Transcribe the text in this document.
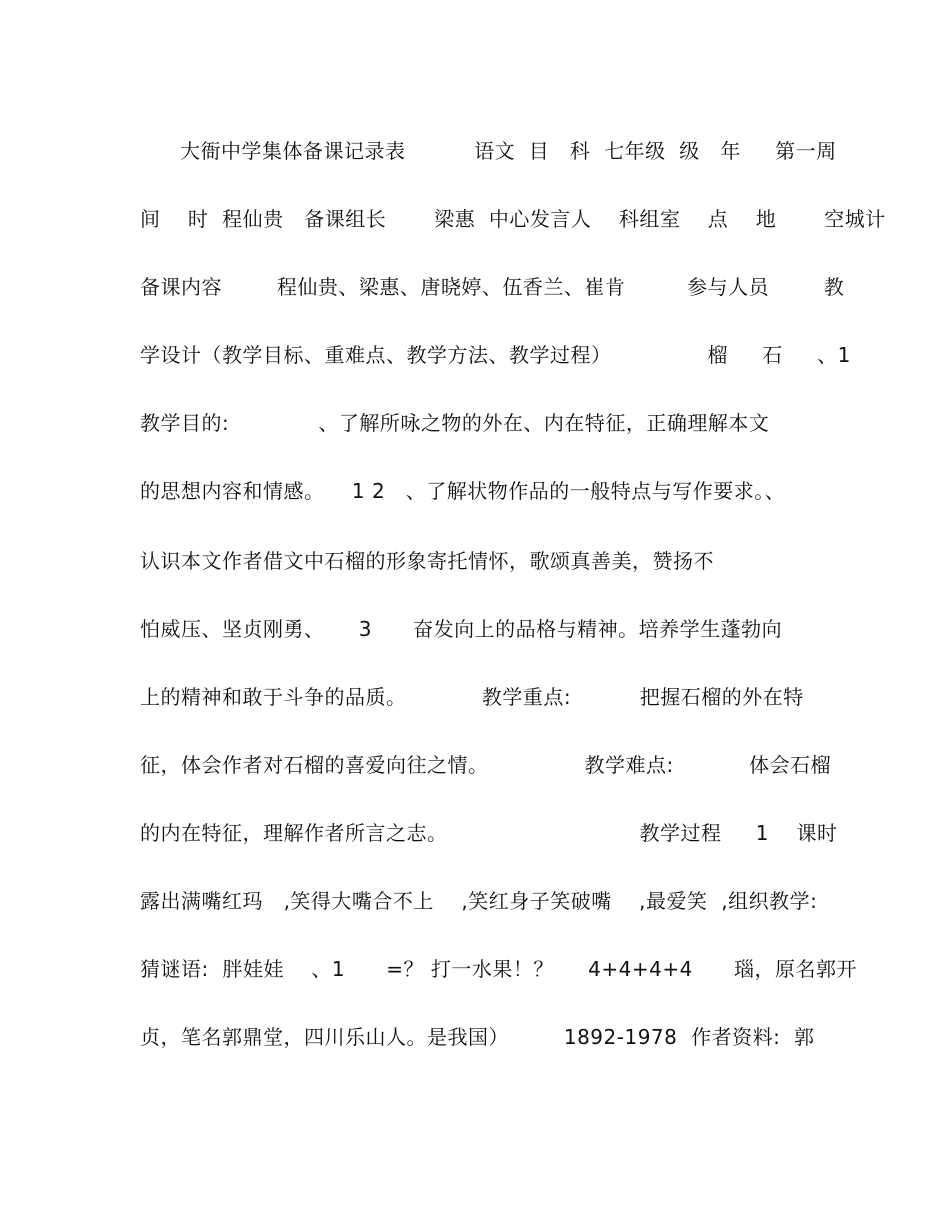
大衙中学集体备课记录表          语文  目   科  七年级  级   年     第一周
间    时  程仙贵   备课组长       梁惠  中心发言人    科组室    点    地       空城计
备课内容        程仙贵、梁惠、唐晓婷、伍香兰、崔肯         参与人员        教
学设计（教学目标、重难点、教学方法、教学过程）              榴     石     、1
教学目的:             、了解所咏之物的外在、内在特征，正确理解本文
的思想内容和情感。    1 2   、了解状物作品的一般特点与写作要求。、
认识本文作者借文中石榴的形象寄托情怀，歌颂真善美，赞扬不
怕威压、坚贞刚勇、     3      奋发向上的品格与精神。培养学生蓬勃向
上的精神和敢于斗争的品质。           教学重点:          把握石榴的外在特
征，体会作者对石榴的喜爱向往之情。              教学难点:           体会石榴
的内在特征，理解作者所言之志。                            教学过程     1    课时
露出满嘴红玛   ,笑得大嘴合不上    ,笑红身子笑破嘴    ,最爱笑  ,组织教学:
猜谜语:  胖娃娃    、1      =？ 打一水果！？     4+4+4+4      瑙，原名郭开
贞，笔名郭鼎堂，四川乐山人。是我国）        1892-1978  作者资料:  郭
